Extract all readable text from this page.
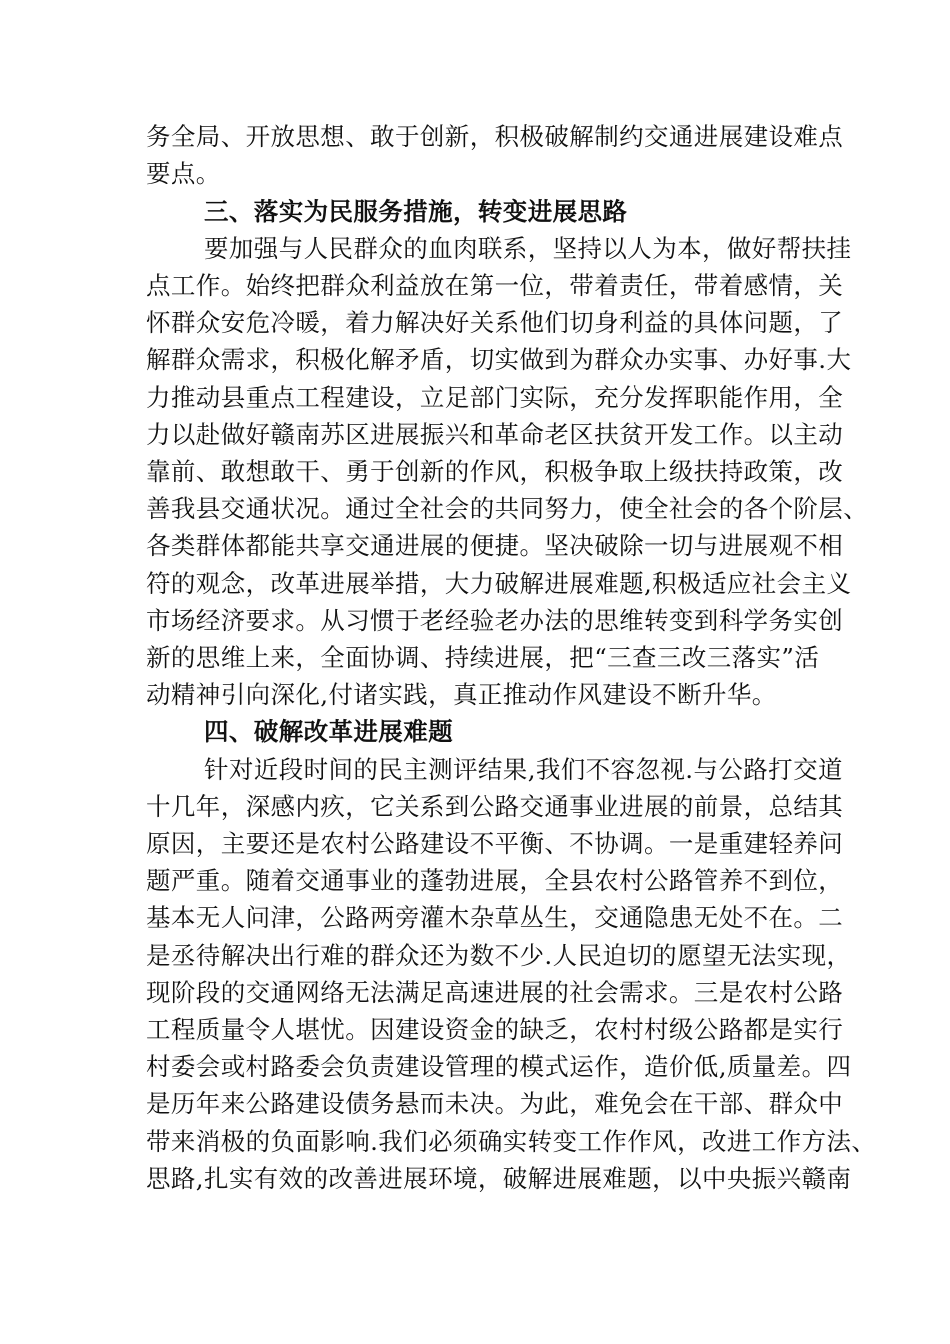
务全局、开放思想、敢于创新，积极破解制约交通进展建设难点
要点。
三、落实为民服务措施，转变进展思路
要加强与人民群众的血肉联系，坚持以人为本，做好帮扶挂
点工作。始终把群众利益放在第一位，带着责任，带着感情，关
怀群众安危冷暖，着力解决好关系他们切身利益的具体问题，了
解群众需求，积极化解矛盾，切实做到为群众办实事、办好事.大
力推动县重点工程建设，立足部门实际，充分发挥职能作用，全
力以赴做好赣南苏区进展振兴和革命老区扶贫开发工作。以主动
靠前、敢想敢干、勇于创新的作风，积极争取上级扶持政策，改
善我县交通状况。通过全社会的共同努力，使全社会的各个阶层、
各类群体都能共享交通进展的便捷。坚决破除一切与进展观不相
符的观念，改革进展举措，大力破解进展难题,积极适应社会主义
市场经济要求。从习惯于老经验老办法的思维转变到科学务实创
新的思维上来，全面协调、持续进展，把“三查三改三落实”活
动精神引向深化,付诸实践，真正推动作风建设不断升华。
四、破解改革进展难题
针对近段时间的民主测评结果,我们不容忽视.与公路打交道
十几年，深感内疚，它关系到公路交通事业进展的前景，总结其
原因，主要还是农村公路建设不平衡、不协调。一是重建轻养问
题严重。随着交通事业的蓬勃进展，全县农村公路管养不到位，
基本无人问津，公路两旁灌木杂草丛生，交通隐患无处不在。二
是丞待解决出行难的群众还为数不少.人民迫切的愿望无法实现，
现阶段的交通网络无法满足高速进展的社会需求。三是农村公路
工程质量令人堪忧。因建设资金的缺乏，农村村级公路都是实行
村委会或村路委会负责建设管理的模式运作，造价低,质量差。四
是历年来公路建设债务悬而未决。为此，难免会在干部、群众中
带来消极的负面影响.我们必须确实转变工作作风，改进工作方法、
思路,扎实有效的改善进展环境，破解进展难题，以中央振兴赣南
